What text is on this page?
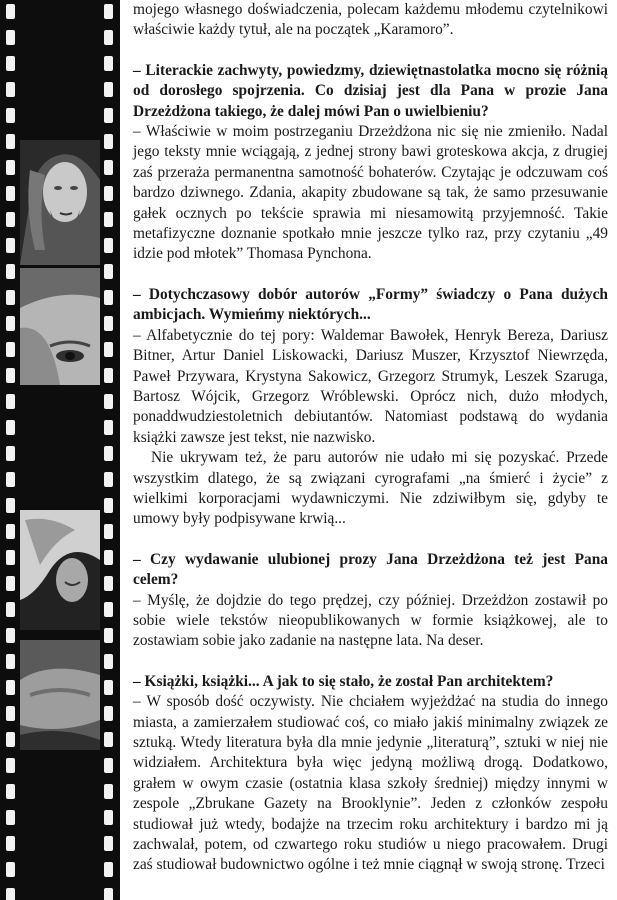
mojego własnego doświadczenia, polecam każdemu młodemu czytelnikowi właściwie każdy tytuł, ale na początek „Karamoro”.

– Literackie zachwyty, powiedzmy, dziewiętnastolatka mocno się różnią od dorosłego spojrzenia. Co dzisiaj jest dla Pana w prozie Jana Drzeżdżona takiego, że dalej mówi Pan o uwielbieniu?

– Właściwie w moim postrzeganiu Drzeżdżona nic się nie zmieniło. Nadal jego teksty mnie wciągają, z jednej strony bawi groteskowa akcja, z drugiej zaś przeraża permanentna samotność bohaterów. Czytając je odczuwam coś bardzo dziwnego. Zdania, akapity zbudowane są tak, że samo przesuwanie gałek ocznych po tekście sprawia mi niesamowitą przyjemność. Takie metafizyczne doznanie spotkało mnie jeszcze tylko raz, przy czytaniu „49 idzie pod młotek” Thomasa Pynchona.

– Dotychczasowy dobór autorów „Formy” świadczy o Pana dużych ambicjach. Wymieńmy niektórych...

– Alfabetycznie do tej pory: Waldemar Bawołek, Henryk Bereza, Dariusz Bitner, Artur Daniel Liskowacki, Dariusz Muszer, Krzysztof Niewrzęda, Paweł Przywara, Krystyna Sakowicz, Grzegorz Strumyk, Leszek Szaruga, Bartosz Wójcik, Grzegorz Wróblewski. Oprócz nich, dużo młodych, ponaddwudziestoletnich debiutantów. Natomiast podstawą do wydania książki zawsze jest tekst, nie nazwisko.

Nie ukrywam też, że paru autorów nie udało mi się pozyskać. Przede wszystkim dlatego, że są związani cyrografami „na śmierć i życie” z wielkimi korporacjami wydawniczymi. Nie zdziwiłbym się, gdyby te umowy były podpisywane krwią...

– Czy wydawanie ulubionej prozy Jana Drzeżdżona też jest Pana celem?

– Myślę, że dojdzie do tego prędzej, czy później. Drzeżdżon zostawił po sobie wiele tekstów nieopublikowanych w formie książkowej, ale to zostawiam sobie jako zadanie na następne lata. Na deser.

– Książki, książki... A jak to się stało, że został Pan architektem?

– W sposób dość oczywisty. Nie chciałem wyjeżdżać na studia do innego miasta, a zamierzałem studiować coś, co miało jakiś minimalny związek ze sztuką. Wtedy literatura była dla mnie jedynie „literaturą”, sztuki w niej nie widziałem. Architektura była więc jedyną możliwą drogą. Dodatkowo, grałem w owym czasie (ostatnia klasa szkoły średniej) między innymi w zespole „Zbrukane Gazety na Brooklynie”. Jeden z członków zespołu studiował już wtedy, bodajże na trzecim roku architektury i bardzo mi ją zachwalał, potem, od czwartego roku studiów u niego pracowałem. Drugi zaś studiował budownictwo ogólne i też mnie ciągnął w swoją stronę. Trzeci
